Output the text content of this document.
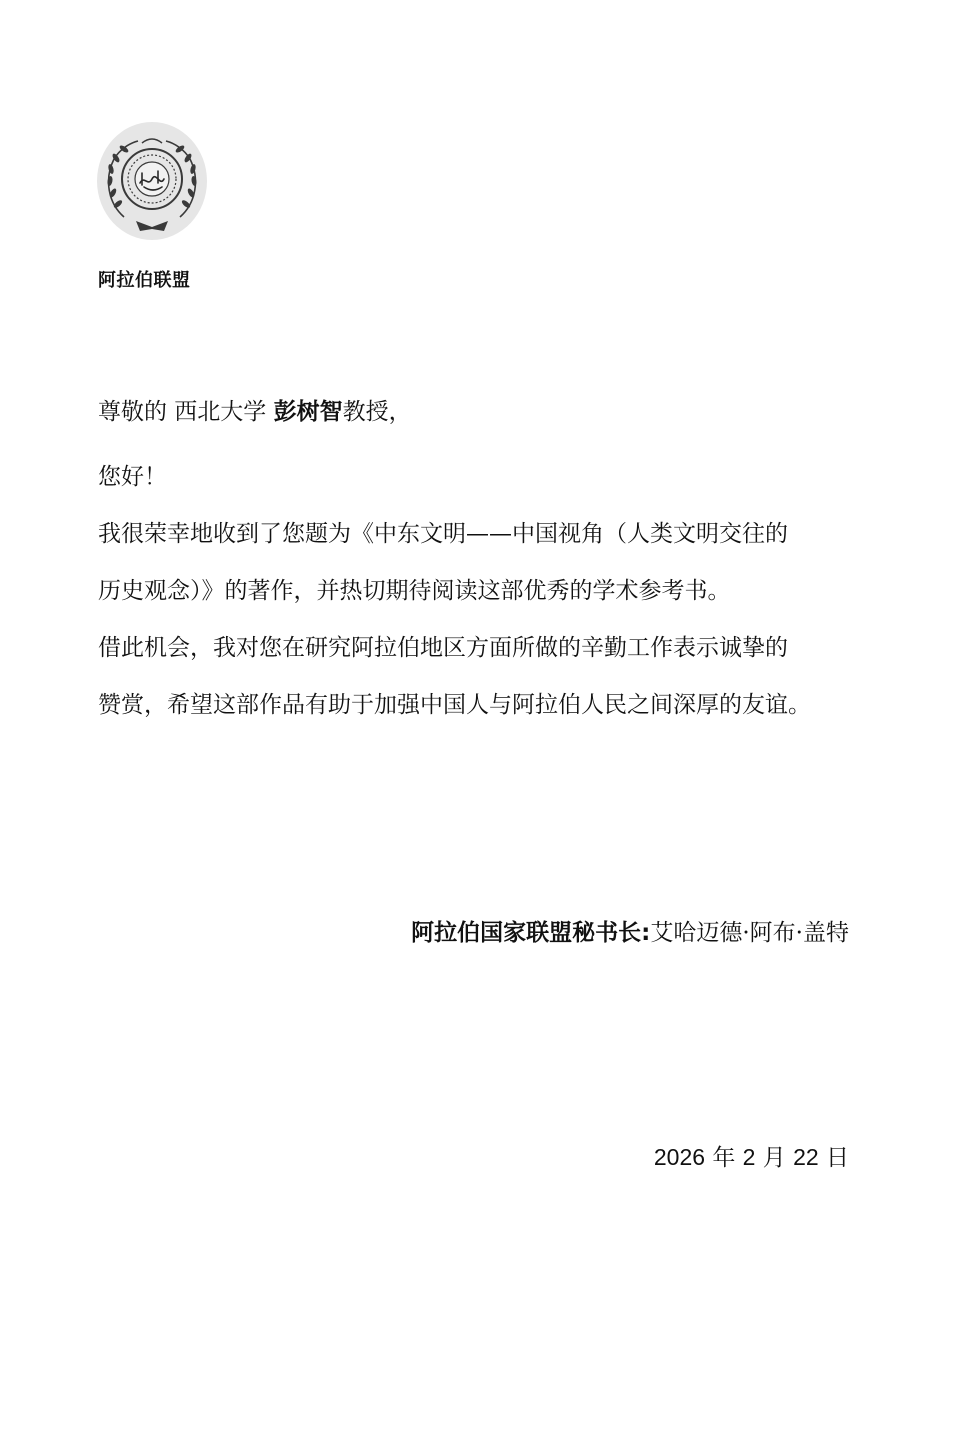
阿拉伯联盟
尊敬的 西北大学 彭树智教授，
您好！
我很荣幸地收到了您题为《中东文明——中国视角（人类文明交往的
历史观念）》的著作，并热切期待阅读这部优秀的学术参考书。
借此机会，我对您在研究阿拉伯地区方面所做的辛勤工作表示诚挚的
赞赏，希望这部作品有助于加强中国人与阿拉伯人民之间深厚的友谊。
阿拉伯国家联盟秘书长:艾哈迈德·阿布·盖特
2026 年 2 月 22 日
